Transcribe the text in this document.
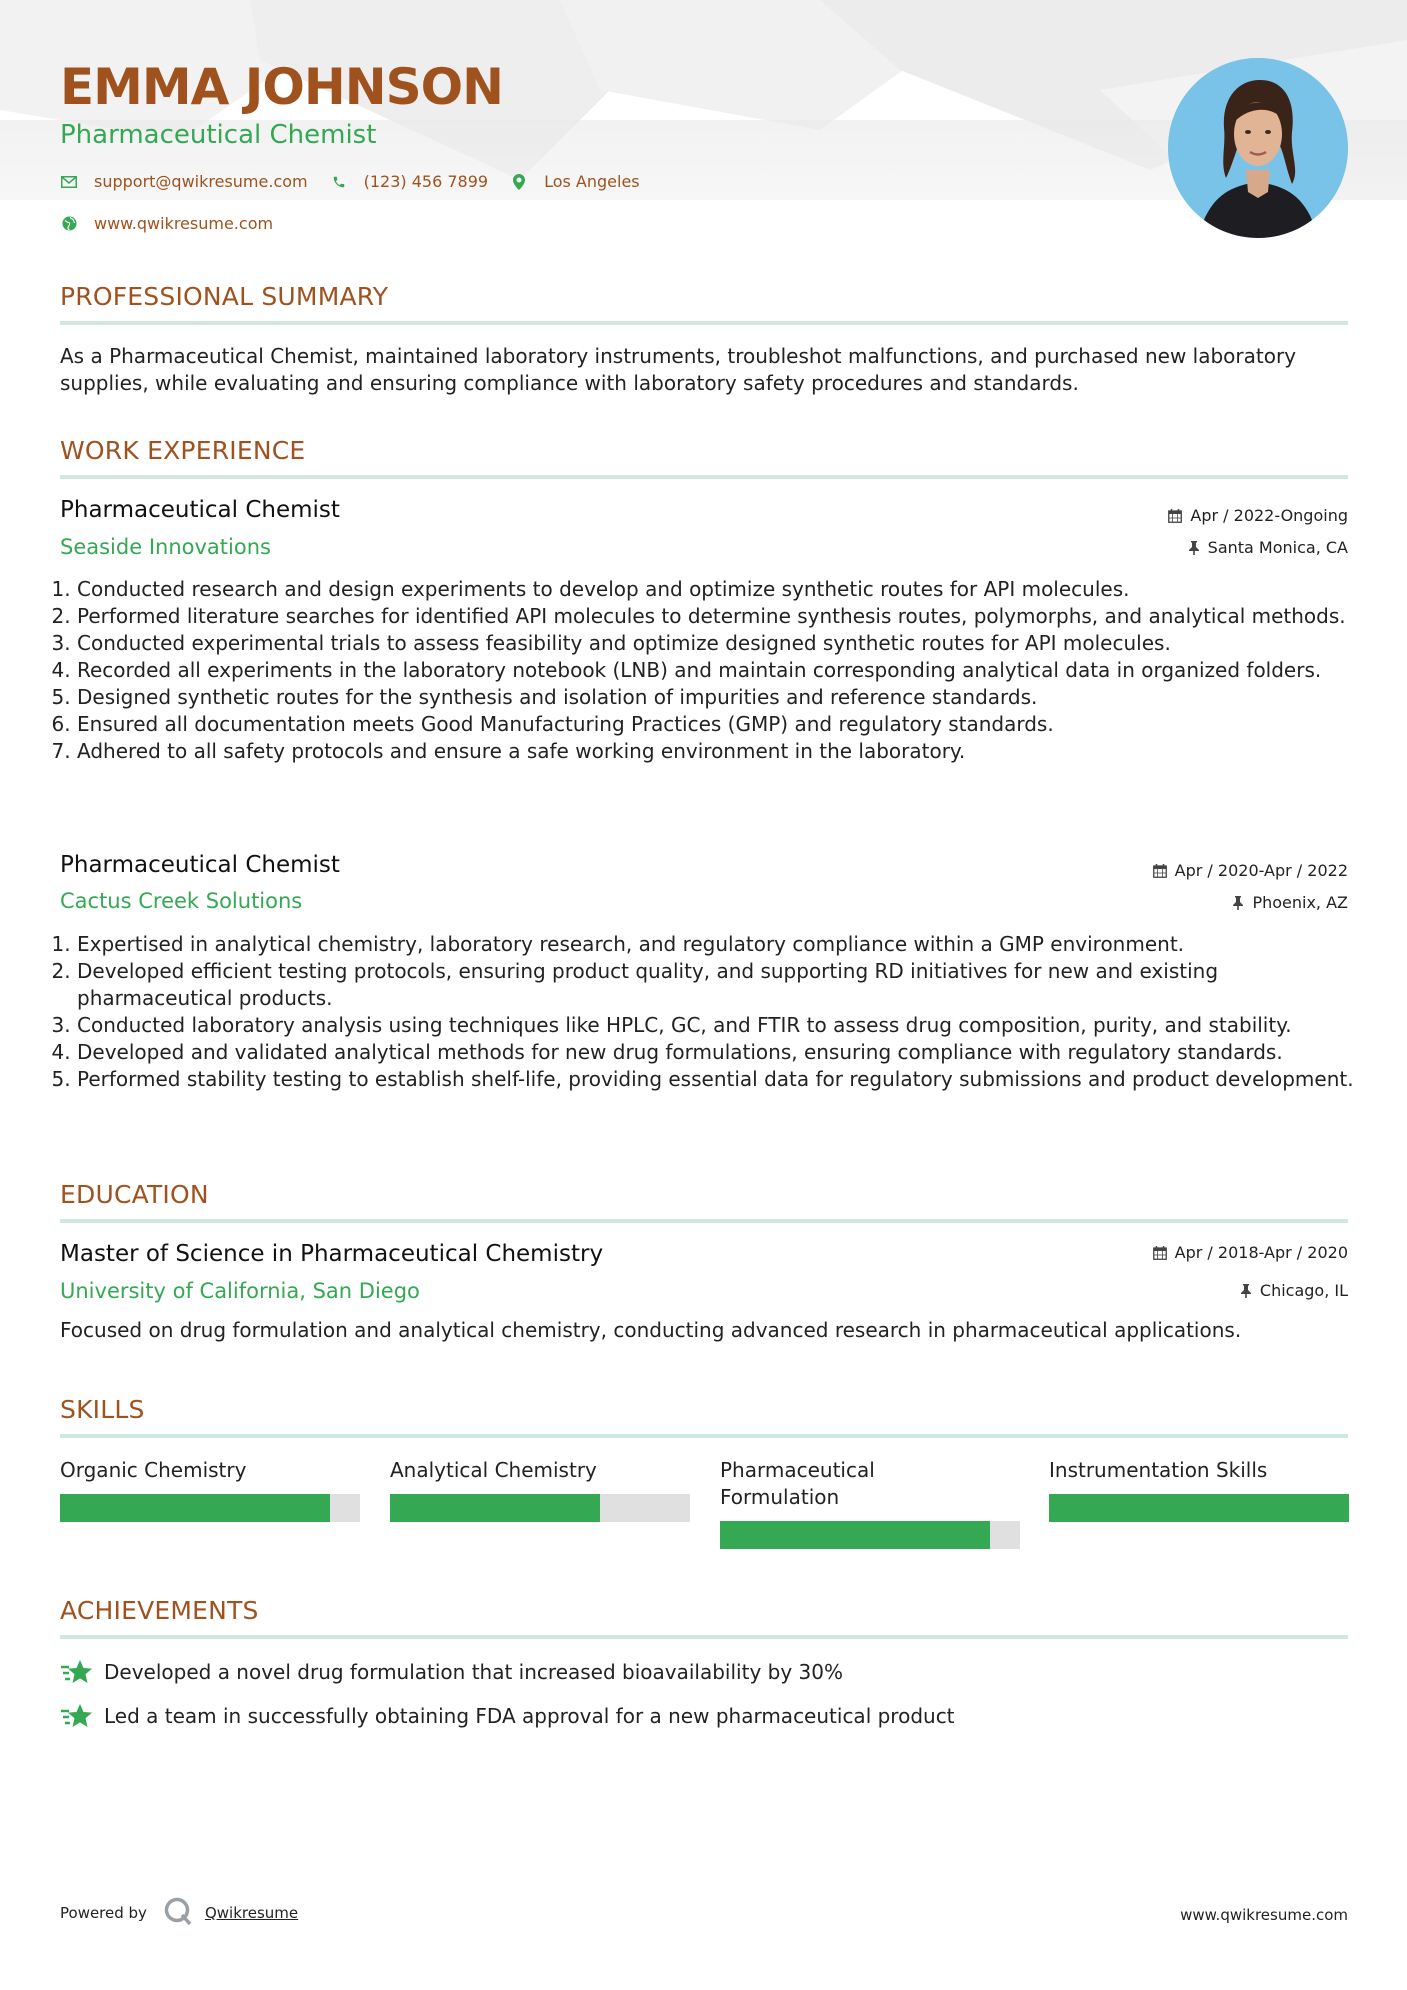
EMMA JOHNSON
Pharmaceutical Chemist
support@qwikresume.com	(123) 456 7899	Los Angeles
www.qwikresume.com
PROFESSIONAL SUMMARY

As a Pharmaceutical Chemist, maintained laboratory instruments, troubleshot malfunctions, and purchased new laboratory supplies, while evaluating and ensuring compliance with laboratory safety procedures and standards.

WORK EXPERIENCE
Pharmaceutical Chemist	Apr / 2022-Ongoing
Seaside Innovations	Santa Monica, CA
1. Conducted research and design experiments to develop and optimize synthetic routes for API molecules.
2. Performed literature searches for identified API molecules to determine synthesis routes, polymorphs, and analytical methods.
3. Conducted experimental trials to assess feasibility and optimize designed synthetic routes for API molecules.
4. Recorded all experiments in the laboratory notebook (LNB) and maintain corresponding analytical data in organized folders.
5. Designed synthetic routes for the synthesis and isolation of impurities and reference standards.
6. Ensured all documentation meets Good Manufacturing Practices (GMP) and regulatory standards.
7. Adhered to all safety protocols and ensure a safe working environment in the laboratory.
Pharmaceutical Chemist	Apr / 2020-Apr / 2022
Cactus Creek Solutions	Phoenix, AZ
1. Expertised in analytical chemistry, laboratory research, and regulatory compliance within a GMP environment.
2. Developed efficient testing protocols, ensuring product quality, and supporting RD initiatives for new and existing pharmaceutical products.
3. Conducted laboratory analysis using techniques like HPLC, GC, and FTIR to assess drug composition, purity, and stability.
4. Developed and validated analytical methods for new drug formulations, ensuring compliance with regulatory standards.
5. Performed stability testing to establish shelf-life, providing essential data for regulatory submissions and product development.
EDUCATION
Master of Science in Pharmaceutical Chemistry	Apr / 2018-Apr / 2020
University of California, San Diego	Chicago, IL

Focused on drug formulation and analytical chemistry, conducting advanced research in pharmaceutical applications.

SKILLS
Organic Chemistry	Analytical Chemistry	Pharmaceutical Formulation
Instrumentation Skills
ACHIEVEMENTS
Developed a novel drug formulation that increased bioavailability by 30%
Led a team in successfully obtaining FDA approval for a new pharmaceutical product
Powered by	Qwikresume	www.qwikresume.com
